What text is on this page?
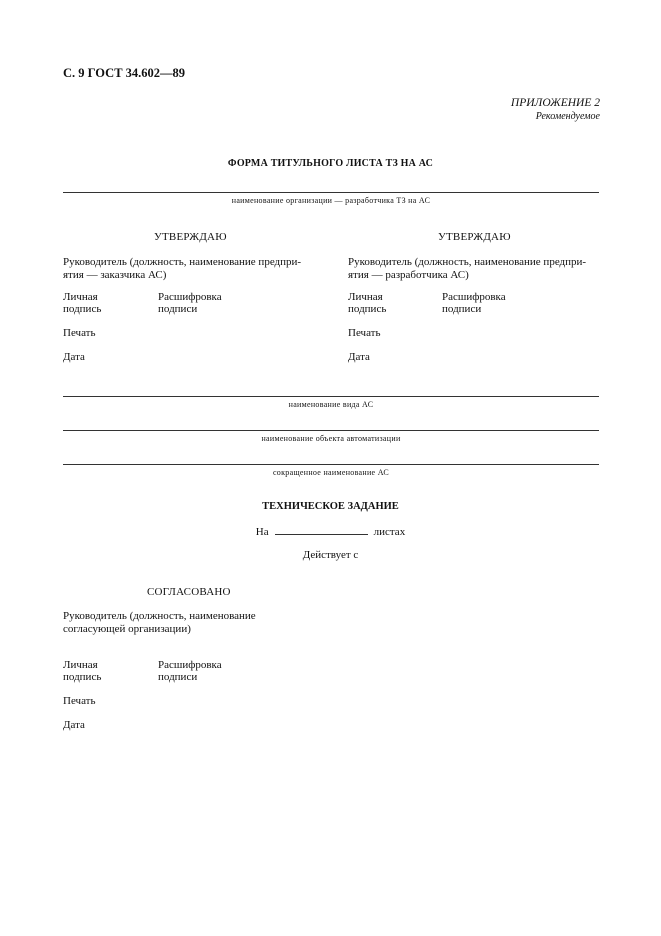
С. 9 ГОСТ 34.602—89
ПРИЛОЖЕНИЕ 2
Рекомендуемое
ФОРМА ТИТУЛЬНОГО ЛИСТА ТЗ НА АС
наименование организации — разработчика ТЗ на АС
УТВЕРЖДАЮ
Руководитель (должность, наименование предпри-ятия — заказчика АС)
Личная подпись
Расшифровка подписи
Печать
Дата
УТВЕРЖДАЮ
Руководитель (должность, наименование предпри-ятия — разработчика АС)
Личная подпись
Расшифровка подписи
Печать
Дата
наименование вида АС
наименование объекта автоматизации
сокращенное наименование АС
ТЕХНИЧЕСКОЕ ЗАДАНИЕ
На	листах
Действует с
СОГЛАСОВАНО
Руководитель (должность, наименование согласующей организации)
Личная подпись
Расшифровка подписи
Печать
Дата
